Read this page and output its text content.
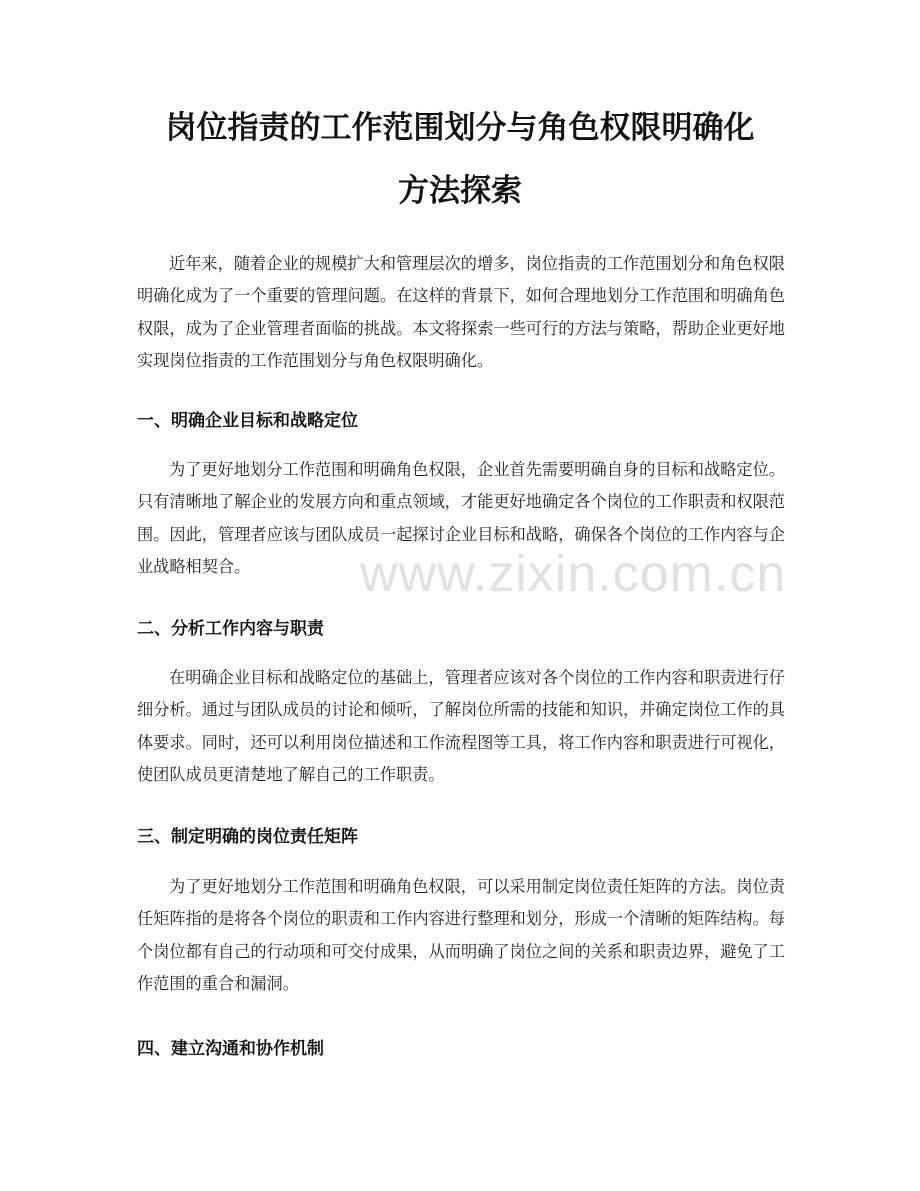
岗位指责的工作范围划分与角色权限明确化
方法探索

近年来，随着企业的规模扩大和管理层次的增多，岗位指责的工作范围划分和角色权限明确化成为了一个重要的管理问题。在这样的背景下，如何合理地划分工作范围和明确角色权限，成为了企业管理者面临的挑战。本文将探索一些可行的方法与策略，帮助企业更好地实现岗位指责的工作范围划分与角色权限明确化。

一、明确企业目标和战略定位

为了更好地划分工作范围和明确角色权限，企业首先需要明确自身的目标和战略定位。只有清晰地了解企业的发展方向和重点领域，才能更好地确定各个岗位的工作职责和权限范围。因此，管理者应该与团队成员一起探讨企业目标和战略，确保各个岗位的工作内容与企业战略相契合。

二、分析工作内容与职责

在明确企业目标和战略定位的基础上，管理者应该对各个岗位的工作内容和职责进行仔细分析。通过与团队成员的讨论和倾听，了解岗位所需的技能和知识，并确定岗位工作的具体要求。同时，还可以利用岗位描述和工作流程图等工具，将工作内容和职责进行可视化，使团队成员更清楚地了解自己的工作职责。

三、制定明确的岗位责任矩阵

为了更好地划分工作范围和明确角色权限，可以采用制定岗位责任矩阵的方法。岗位责任矩阵指的是将各个岗位的职责和工作内容进行整理和划分，形成一个清晰的矩阵结构。每个岗位都有自己的行动项和可交付成果，从而明确了岗位之间的关系和职责边界，避免了工作范围的重合和漏洞。

四、建立沟通和协作机制
www.zixin.com.cn
